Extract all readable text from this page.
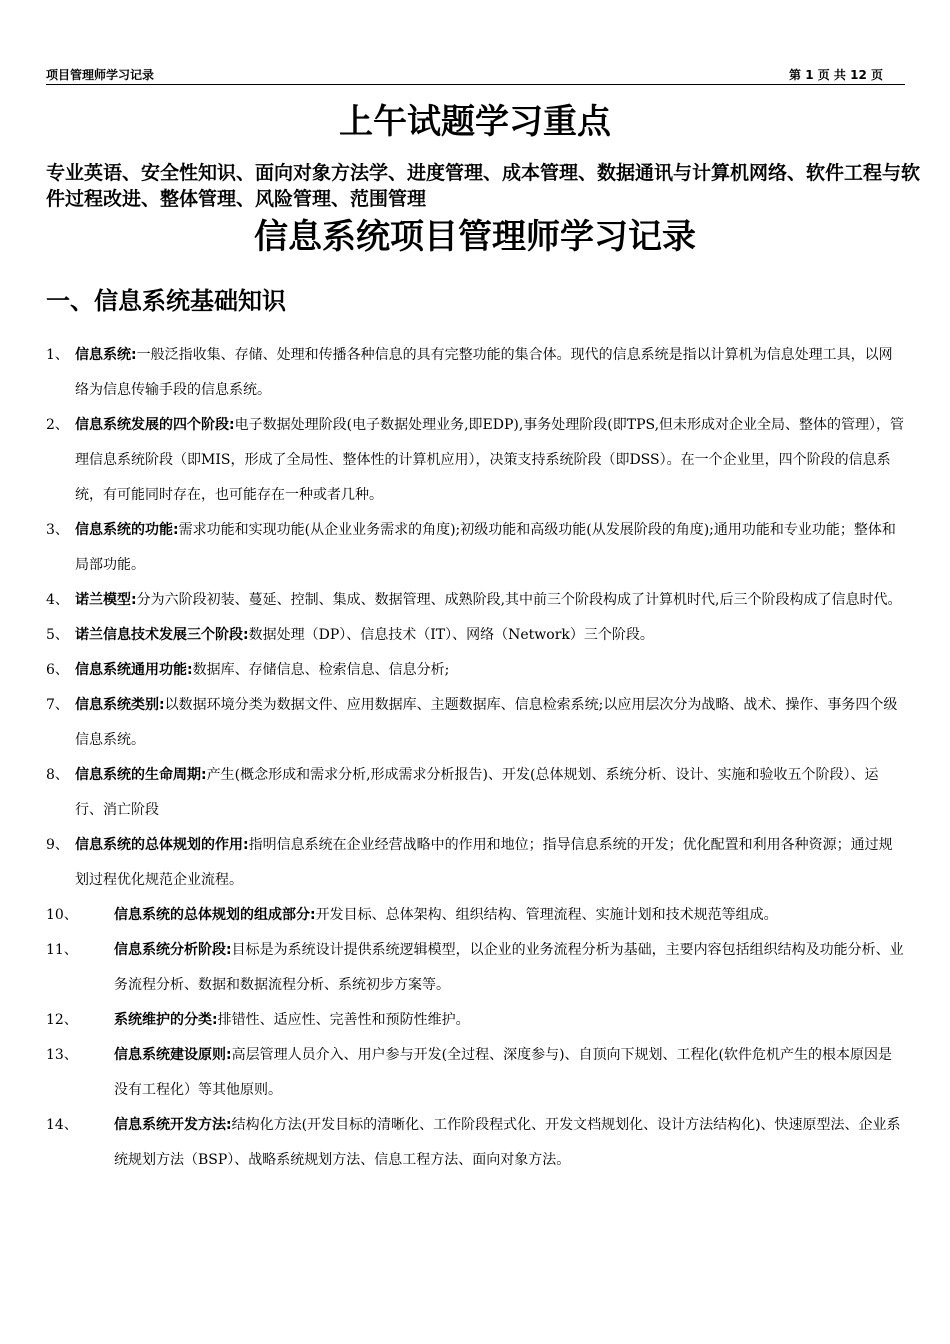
项目管理师学习记录	第 1 页 共 12 页
上午试题学习重点

专业英语、安全性知识、面向对象方法学、进度管理、成本管理、数据通讯与计算机网络、软件工程与软件过程改进、整体管理、风险管理、范围管理

信息系统项目管理师学习记录
一、信息系统基础知识
1、 信息系统:一般泛指收集、存储、处理和传播各种信息的具有完整功能的集合体。现代的信息系统是指以计算机为信息处理工具，以网络为信息传输手段的信息系统。
2、 信息系统发展的四个阶段:电子数据处理阶段(电子数据处理业务,即EDP),事务处理阶段(即TPS,但未形成对企业全局、整体的管理），管理信息系统阶段（即MIS，形成了全局性、整体性的计算机应用），决策支持系统阶段（即DSS）。在一个企业里，四个阶段的信息系统，有可能同时存在，也可能存在一种或者几种。
3、 信息系统的功能:需求功能和实现功能(从企业业务需求的角度);初级功能和高级功能(从发展阶段的角度);通用功能和专业功能；整体和局部功能。
4、 诺兰模型:分为六阶段初装、蔓延、控制、集成、数据管理、成熟阶段,其中前三个阶段构成了计算机时代,后三个阶段构成了信息时代。
5、 诺兰信息技术发展三个阶段:数据处理（DP）、信息技术（IT）、网络（Network）三个阶段。
6、 信息系统通用功能:数据库、存储信息、检索信息、信息分析;
7、 信息系统类别:以数据环境分类为数据文件、应用数据库、主题数据库、信息检索系统;以应用层次分为战略、战术、操作、事务四个级信息系统。
8、 信息系统的生命周期:产生(概念形成和需求分析,形成需求分析报告)、开发(总体规划、系统分析、设计、实施和验收五个阶段）、运行、消亡阶段
9、 信息系统的总体规划的作用:指明信息系统在企业经营战略中的作用和地位；指导信息系统的开发；优化配置和利用各种资源；通过规划过程优化规范企业流程。
10、	信息系统的总体规划的组成部分:开发目标、总体架构、组织结构、管理流程、实施计划和技术规范等组成。
11、	信息系统分析阶段:目标是为系统设计提供系统逻辑模型，以企业的业务流程分析为基础，主要内容包括组织结构及功能分析、业务流程分析、数据和数据流程分析、系统初步方案等。
12、	系统维护的分类:排错性、适应性、完善性和预防性维护。
13、	信息系统建设原则:高层管理人员介入、用户参与开发(全过程、深度参与)、自顶向下规划、工程化(软件危机产生的根本原因是没有工程化）等其他原则。
14、	信息系统开发方法:结构化方法(开发目标的清晰化、工作阶段程式化、开发文档规划化、设计方法结构化)、快速原型法、企业系统规划方法（BSP）、战略系统规划方法、信息工程方法、面向对象方法。
